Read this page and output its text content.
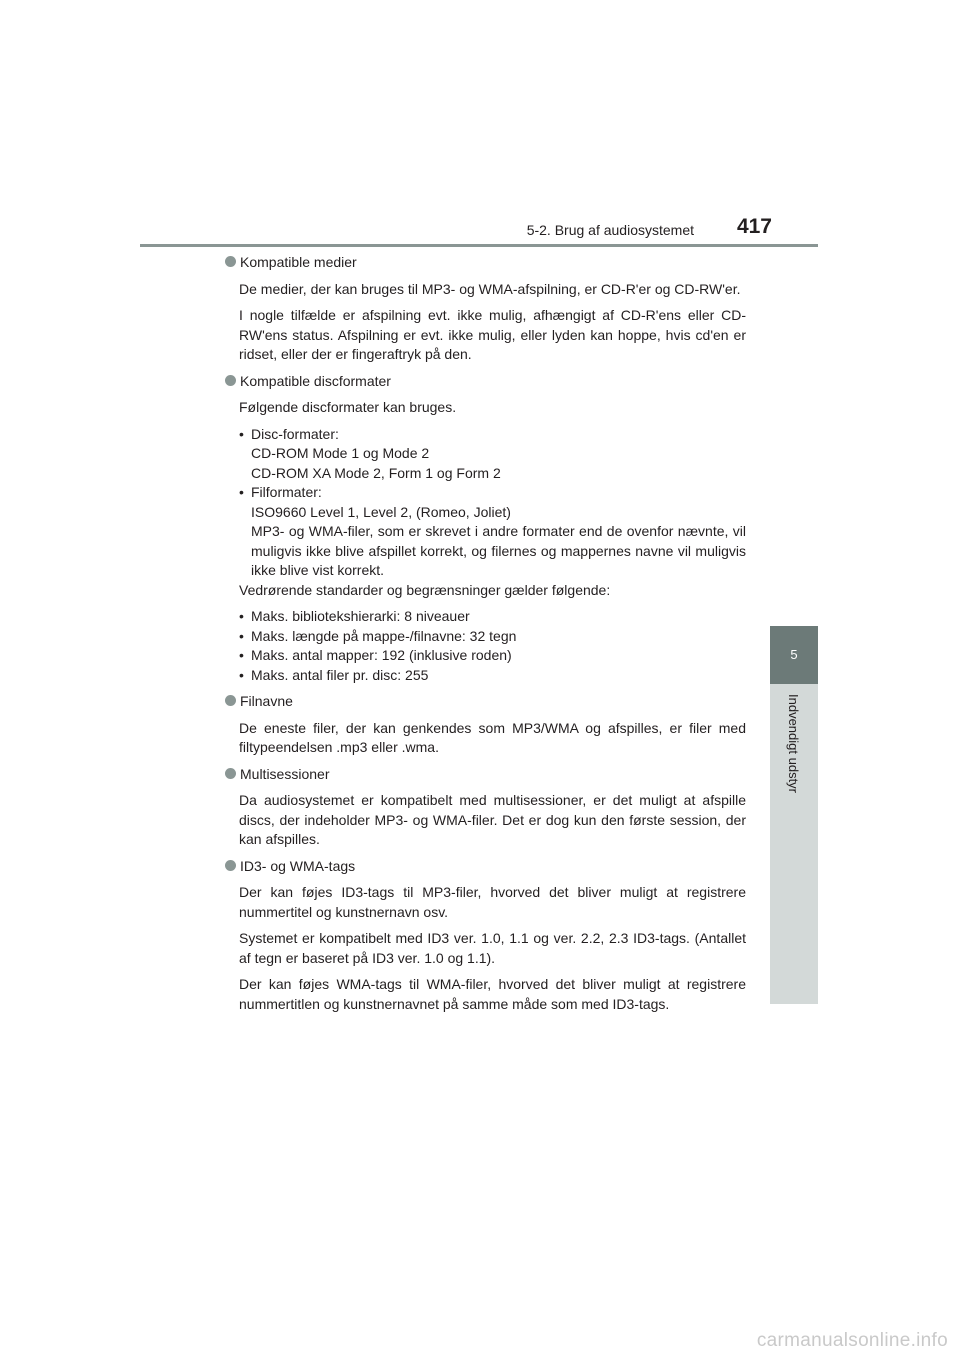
5-2. Brug af audiosystemet 417
5
Indvendigt udstyr
Kompatible medier

De medier, der kan bruges til MP3- og WMA-afspilning, er CD-R'er og CD-RW'er.

I nogle tilfælde er afspilning evt. ikke mulig, afhængigt af CD-R'ens eller CD-RW'ens status. Afspilning er evt. ikke mulig, eller lyden kan hoppe, hvis cd'en er ridset, eller der er fingeraftryk på den.

Kompatible discformater

Følgende discformater kan bruges.

• Disc-formater:
CD-ROM Mode 1 og Mode 2
CD-ROM XA Mode 2, Form 1 og Form 2
• Filformater:
ISO9660 Level 1, Level 2, (Romeo, Joliet)
MP3- og WMA-filer, som er skrevet i andre formater end de ovenfor nævnte, vil muligvis ikke blive afspillet korrekt, og filernes og mappernes navne vil muligvis ikke blive vist korrekt.

Vedrørende standarder og begrænsninger gælder følgende:

• Maks. bibliotekshierarki: 8 niveauer
• Maks. længde på mappe-/filnavne: 32 tegn
• Maks. antal mapper: 192 (inklusive roden)
• Maks. antal filer pr. disc: 255
Filnavne

De eneste filer, der kan genkendes som MP3/WMA og afspilles, er filer med filtypeendelsen .mp3 eller .wma.

Multisessioner

Da audiosystemet er kompatibelt med multisessioner, er det muligt at afspille discs, der indeholder MP3- og WMA-filer. Det er dog kun den første session, der kan afspilles.

ID3- og WMA-tags

Der kan føjes ID3-tags til MP3-filer, hvorved det bliver muligt at registrere nummertitel og kunstnernavn osv.

Systemet er kompatibelt med ID3 ver. 1.0, 1.1 og ver. 2.2, 2.3 ID3-tags. (Antallet af tegn er baseret på ID3 ver. 1.0 og 1.1).

Der kan føjes WMA-tags til WMA-filer, hvorved det bliver muligt at registrere nummertitlen og kunstnernavnet på samme måde som med ID3-tags.

carmanualsonline.info
